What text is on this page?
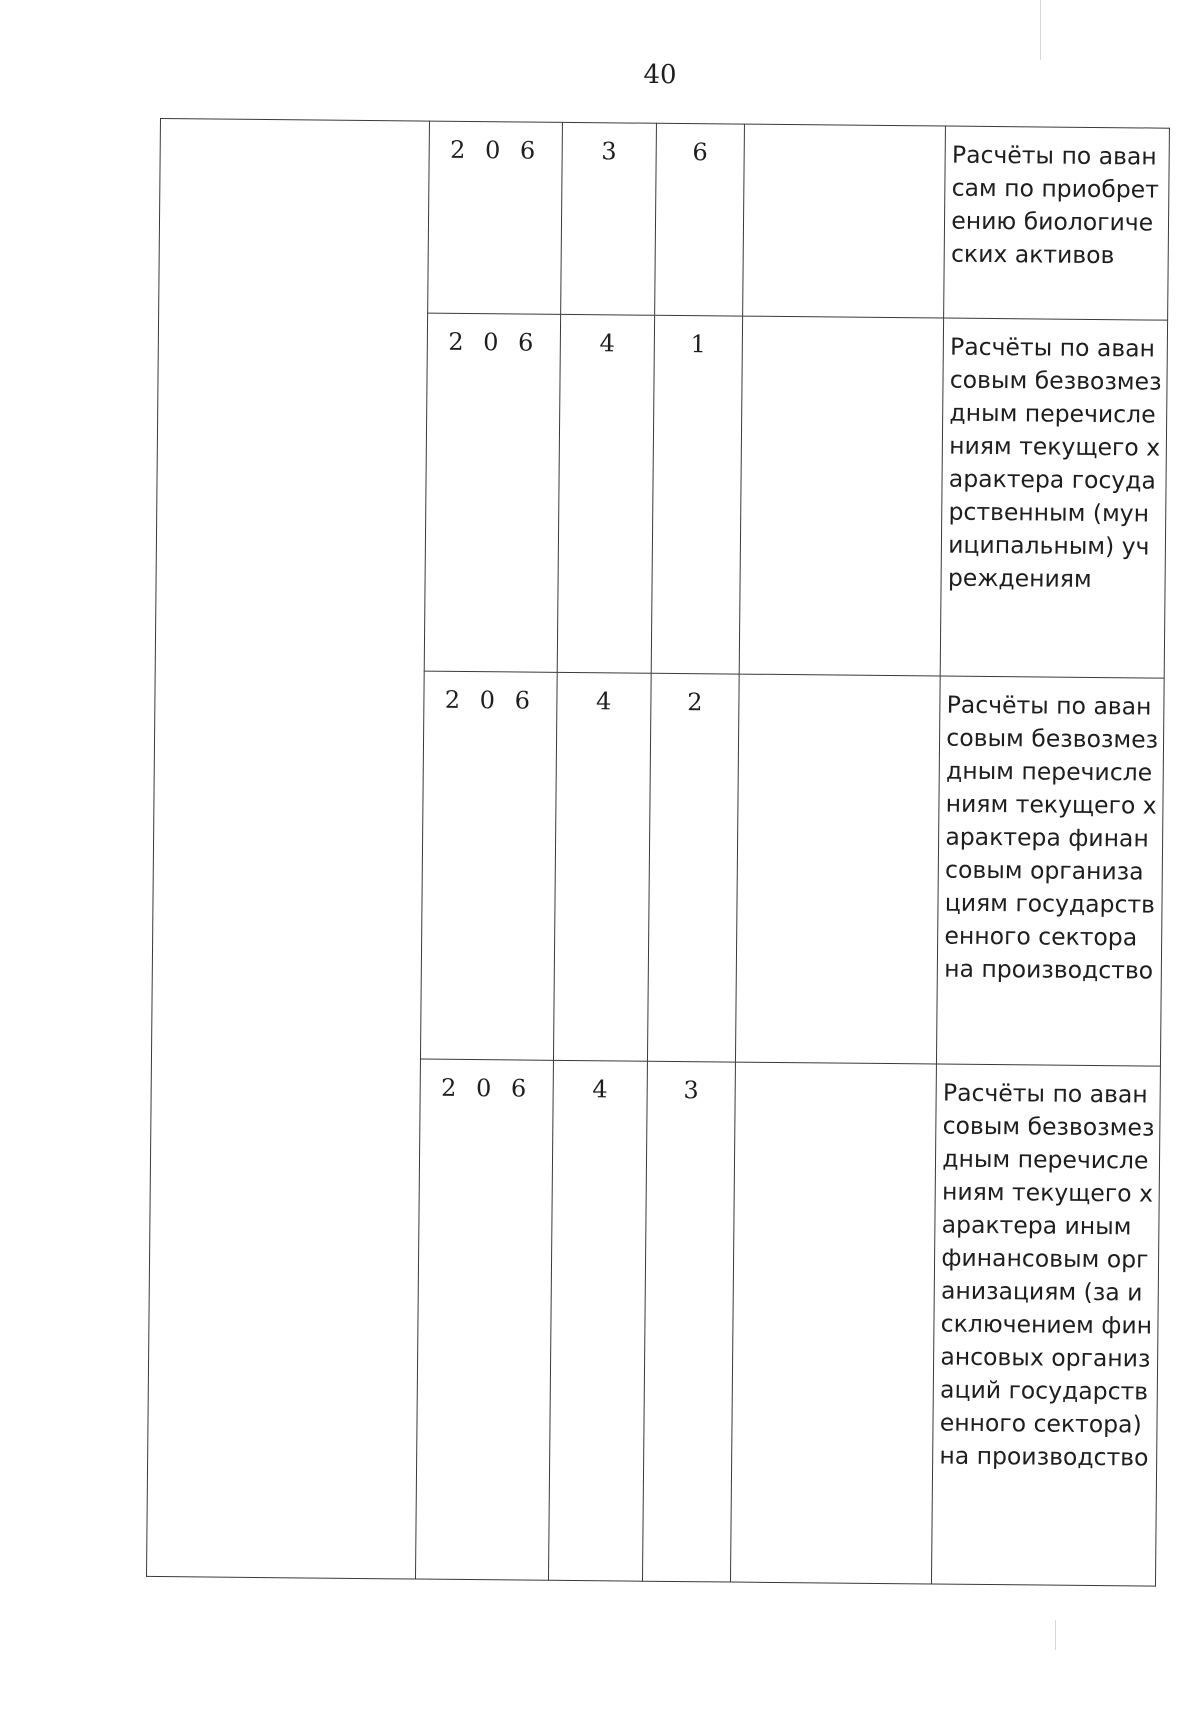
40

	2 0 6	3	6		Расчёты по авансам по приобретению биологических активов

	2 0 6	4	1		Расчёты по авансовым безвозмездным перечислениям текущего характера государственным (муниципальным) учреждениям

	2 0 6	4	2		Расчёты по авансовым безвозмездным перечислениям текущего характера финансовым организациям государственного сектора на производство

	2 0 6	4	3		Расчёты по авансовым безвозмездным перечислениям текущего характера иным финансовым организациям (за исключением финансовых организаций государственного сектора) на производство
